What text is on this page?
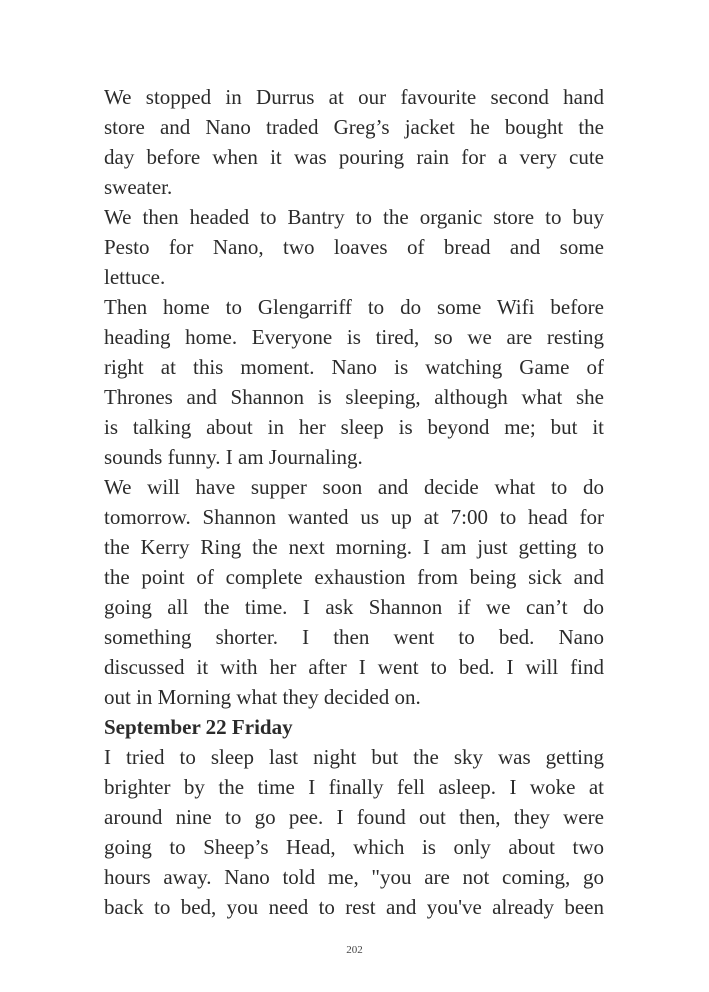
We stopped in Durrus at our favourite second hand
store and Nano traded Greg’s jacket he bought the
day before when it was pouring rain for a very cute
sweater.
We then headed to Bantry to the organic store to buy
Pesto for Nano, two loaves of bread and some
lettuce.
Then home to Glengarriff to do some Wifi before
heading home. Everyone is tired, so we are resting
right at this moment. Nano is watching Game of
Thrones and Shannon is sleeping, although what she
is talking about in her sleep is beyond me; but it
sounds funny. I am Journaling.
We will have supper soon and decide what to do
tomorrow. Shannon wanted us up at 7:00 to head for
the Kerry Ring the next morning. I am just getting to
the point of complete exhaustion from being sick and
going all the time. I ask Shannon if we can’t do
something shorter. I then went to bed. Nano
discussed it with her after I went to bed. I will find
out in Morning what they decided on.
September 22 Friday
I tried to sleep last night but the sky was getting
brighter by the time I finally fell asleep. I woke at
around nine to go pee. I found out then, they were
going to Sheep’s Head, which is only about two
hours away. Nano told me, "you are not coming, go
back to bed, you need to rest and you've already been
202
